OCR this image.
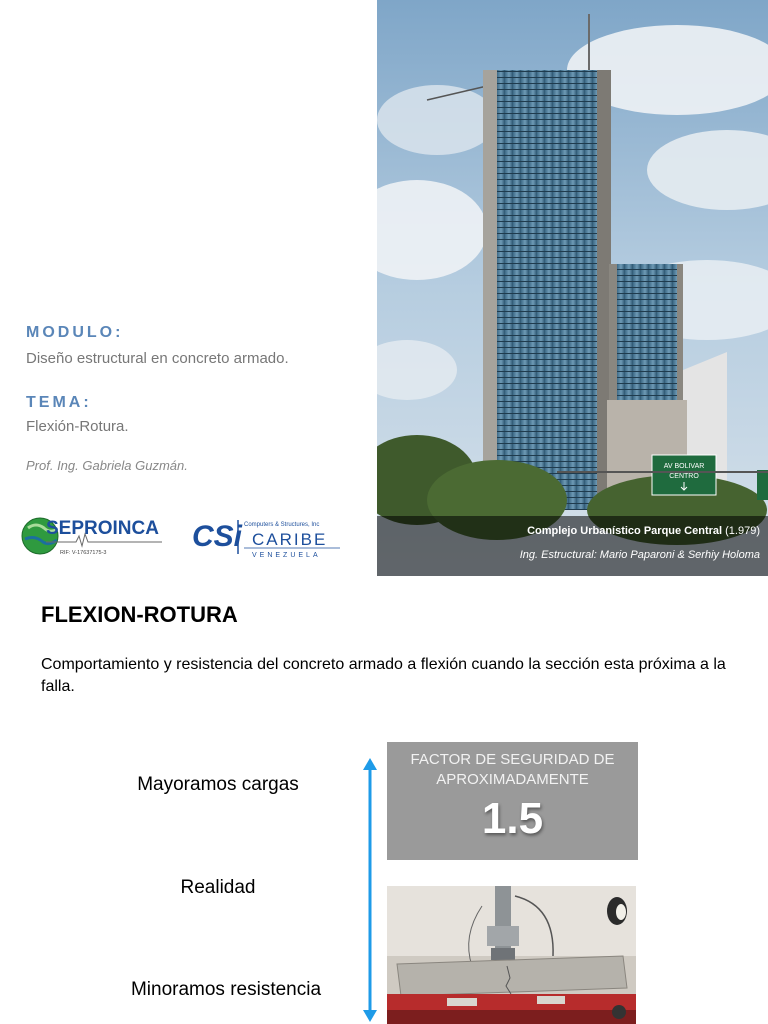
MODULO:
Diseño estructural en concreto armado.
TEMA:
Flexión-Rotura.
Prof. Ing. Gabriela Guzmán.
SEPROINCA
RIF: V-17637175-3	CSi Computers & Structures, Inc
CARIBE
VENEZUELA
AV BOLIVAR
CENTRO
Complejo Urbanístico Parque Central (1.979)
Ing. Estructural: Mario Paparoni & Serhiy Holoma
FLEXION-ROTURA
Comportamiento y resistencia del concreto armado a flexión cuando la sección esta próxima a la falla.
Mayoramos cargas
Realidad
Minoramos resistencia
FACTOR DE SEGURIDAD DE APROXIMADAMENTE
1.5
